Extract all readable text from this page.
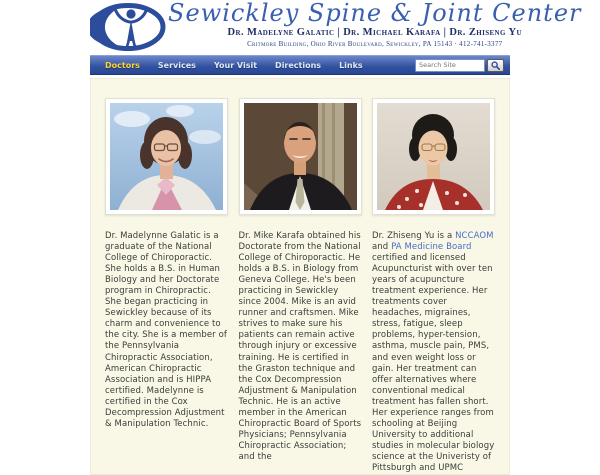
Sewickley Spine & Joint Center
Dr. Madelyne Galatic | Dr. Michael Karafa | Dr. Zhiseng Yu
Critmore Building, Ohio River Boulevard, Sewickley, PA 15143 · 412-741-3377
Doctors	Services	Your Visit	Directions	Links
Search Site
Dr. Madelynne Galatic is a graduate of the National College of Chiroporactic. She holds a B.S. in Human Biology and her Doctorate program in Chiropractic. She began practicing in Sewickley because of its charm and convenience to the city. She is a member of the Pennsylvania Chiropractic Association, American Chiropractic Association and is HIPPA certified. Madelynne is certified in the Cox Decompression Adjustment & Manipulation Technic.
Dr. Mike Karafa obtained his Doctorate from the National College of Chiroporactic. He holds a B.S. in Biology from Geneva College. He's been practicing in Sewickley since 2004. Mike is an avid runner and craftsmen. Mike strives to make sure his patients can remain active through injury or excessive training. He is certified in the Graston technique and the Cox Decompression Adjustment & Manipulation Technic. He is an active member in the American Chiropractic Board of Sports Physicians; Pennsylvania Chiropractic Association; and the
Dr. Zhiseng Yu is a NCCAOM and PA Medicine Board certified and licensed Acupuncturist with over ten years of acupuncture treatment experience. Her treatments cover headaches, migraines, stress, fatigue, sleep problems, hyper-tension, asthma, muscle pain, PMS, and even weight loss or gain. Her treatment can offer alternatives where conventional medical treatment has fallen short. Her experience ranges from schooling at Beijing University to additional studies in molecular biology science at the Univeristy of Pittsburgh and UPMC
